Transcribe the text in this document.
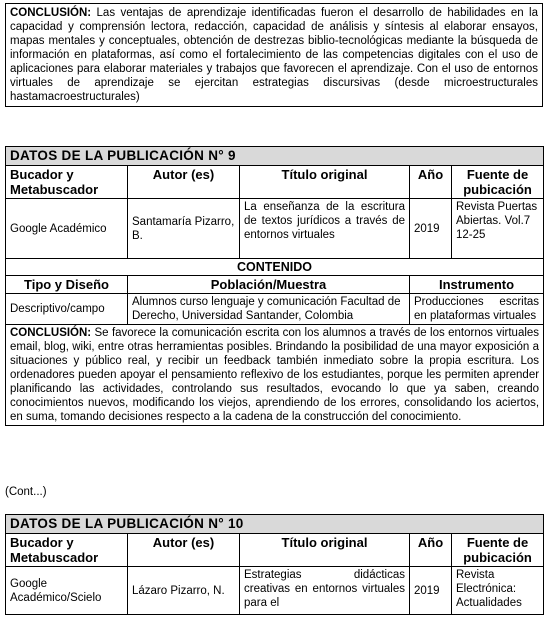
CONCLUSIÓN: Las ventajas de aprendizaje identificadas fueron el desarrollo de habilidades en la capacidad y comprensión lectora, redacción, capacidad de análisis y síntesis al elaborar ensayos, mapas mentales y conceptuales, obtención de destrezas biblio-tecnológicas mediante la búsqueda de información en plataformas, así como el fortalecimiento de las competencias digitales con el uso de aplicaciones para elaborar materiales y trabajos que favorecen el aprendizaje. Con el uso de entornos virtuales de aprendizaje se ejercitan estrategias discursivas (desde microestructurales hastamacroestructurales)
DATOS DE LA PUBLICACIÓN N° 9				
Bucador y Metabuscador	Autor (es)	Título original	Año	Fuente de pubicación
Google Académico	Santamaría Pizarro, B.	La enseñanza de la escritura de textos jurídicos a través de entornos virtuales	2019	Revista Puertas Abiertas. Vol.7 12-25
CONTENIDO				
Tipo y Diseño	Población/Muestra		Instrumento	
Descriptivo/campo	Alumnos curso lenguaje y comunicación Facultad de Derecho, Universidad Santander, Colombia		Producciones escritas en plataformas virtuales	
CONCLUSIÓN: Se favorece la comunicación escrita con los alumnos a través de los entornos virtuales email, blog, wiki, entre otras herramientas posibles. Brindando la posibilidad de una mayor exposición a situaciones y público real, y recibir un feedback también inmediato sobre la propia escritura. Los ordenadores pueden apoyar el pensamiento reflexivo de los estudiantes, porque les permiten aprender planificando las actividades, controlando sus resultados, evocando lo que ya saben, creando conocimientos nuevos, modificando los viejos, aprendiendo de los errores, consolidando los aciertos, en suma, tomando decisiones respecto a la cadena de la construcción del conocimiento.				
(Cont...)
DATOS DE LA PUBLICACIÓN N° 10				
Bucador y Metabuscador	Autor (es)	Título original	Año	Fuente de pubicación
Google Académico/Scielo	Lázaro Pizarro, N.	Estrategias didácticas creativas en entornos virtuales para el	2019	Revista Electrónica: Actualidades
